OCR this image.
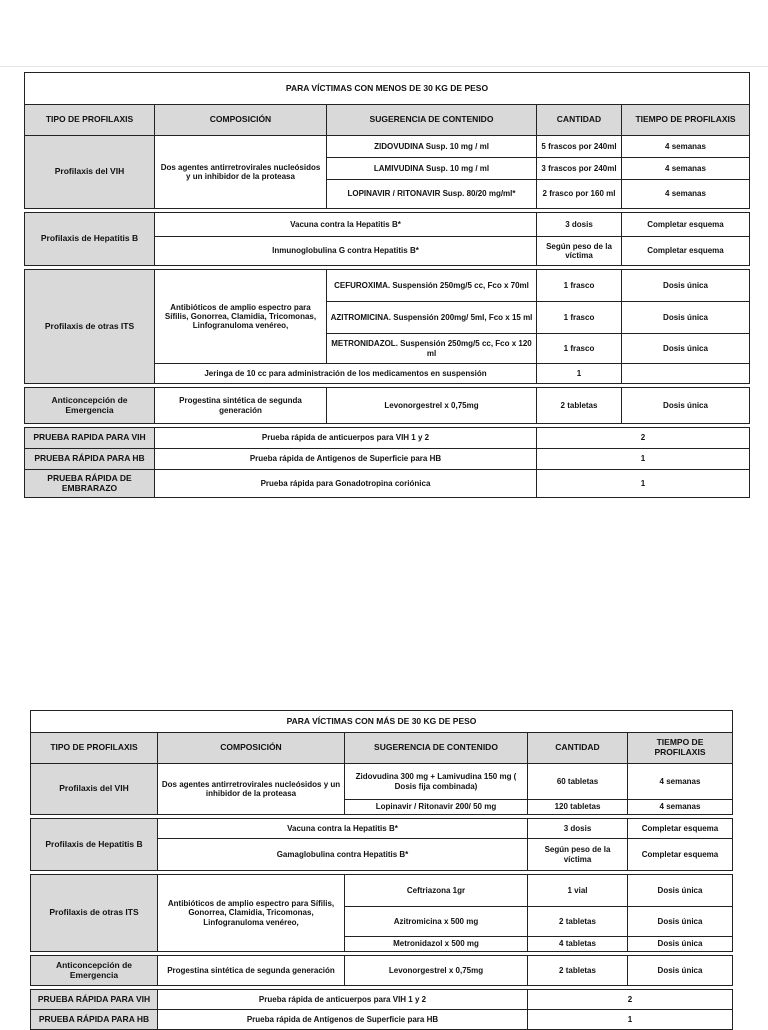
PARA VÍCTIMAS CON MENOS DE 30 KG DE PESO				
TIPO DE PROFILAXIS	COMPOSICIÓN	SUGERENCIA DE CONTENIDO	CANTIDAD	TIEMPO DE PROFILAXIS
Profilaxis del VIH	Dos agentes antirretrovirales nucleósidos y un inhibidor de la proteasa	ZIDOVUDINA Susp. 10 mg / ml	5 frascos por 240ml	4 semanas
		LAMIVUDINA Susp. 10 mg / ml	3 frascos por 240ml	4 semanas
		LOPINAVIR / RITONAVIR Susp. 80/20 mg/ml*	2 frasco por 160 ml	4 semanas

Profilaxis de Hepatitis B	Vacuna contra la Hepatitis B*		3 dosis	Completar esquema
	Inmunoglobulina G contra Hepatitis B*		Según peso de la víctima	Completar esquema

Profilaxis de otras ITS	Antibióticos de amplio espectro para Sífilis, Gonorrea, Clamidia, Tricomonas, Linfogranuloma venéreo,	CEFUROXIMA. Suspensión 250mg/5 cc, Fco x 70ml	1 frasco	Dosis única
		AZITROMICINA. Suspensión 200mg/ 5ml, Fco x 15 ml	1 frasco	Dosis única
		METRONIDAZOL. Suspensión 250mg/5 cc, Fco x 120 ml	1 frasco	Dosis única
	Jeringa de 10 cc para administración de los medicamentos en suspensión		1	

Anticoncepción de Emergencia	Progestina sintética de segunda generación	Levonorgestrel x 0,75mg	2 tabletas	Dosis única

PRUEBA RAPIDA PARA VIH	Prueba rápida de anticuerpos para VIH 1 y 2		2	
PRUEBA RÁPIDA PARA HB	Prueba rápida de Antigenos de Superficie para HB		1	
PRUEBA RÁPIDA DE EMBRARAZO	Prueba rápida para Gonadotropina coriónica		1	
PARA VÍCTIMAS CON MÁS DE 30 KG DE PESO				
TIPO DE PROFILAXIS	COMPOSICIÓN	SUGERENCIA DE CONTENIDO	CANTIDAD	TIEMPO DE PROFILAXIS
Profilaxis del VIH	Dos agentes antirretrovirales nucleósidos y un inhibidor de la proteasa	Zidovudina 300 mg + Lamivudina 150 mg ( Dosis fija combinada)	60 tabletas	4 semanas
		Lopinavir / Ritonavir 200/ 50 mg	120 tabletas	4 semanas

Profilaxis de Hepatitis B	Vacuna contra la Hepatitis B*		3 dosis	Completar esquema
	Gamaglobulina contra Hepatitis B*		Según peso de la víctima	Completar esquema

Profilaxis de otras ITS	Antibióticos de amplio espectro para Sífilis, Gonorrea, Clamidia, Tricomonas, Linfogranuloma venéreo,	Ceftriazona 1gr	1 vial	Dosis única
		Azitromicina x 500 mg	2 tabletas	Dosis única
		Metronidazol x 500 mg	4 tabletas	Dosis única

Anticoncepción de Emergencia	Progestina sintética de segunda generación	Levonorgestrel x 0,75mg	2 tabletas	Dosis única

PRUEBA RÁPIDA PARA VIH	Prueba rápida de anticuerpos para VIH 1 y 2		2	
PRUEBA RÁPIDA PARA HB	Prueba rápida de Antígenos de Superficie para HB		1	
